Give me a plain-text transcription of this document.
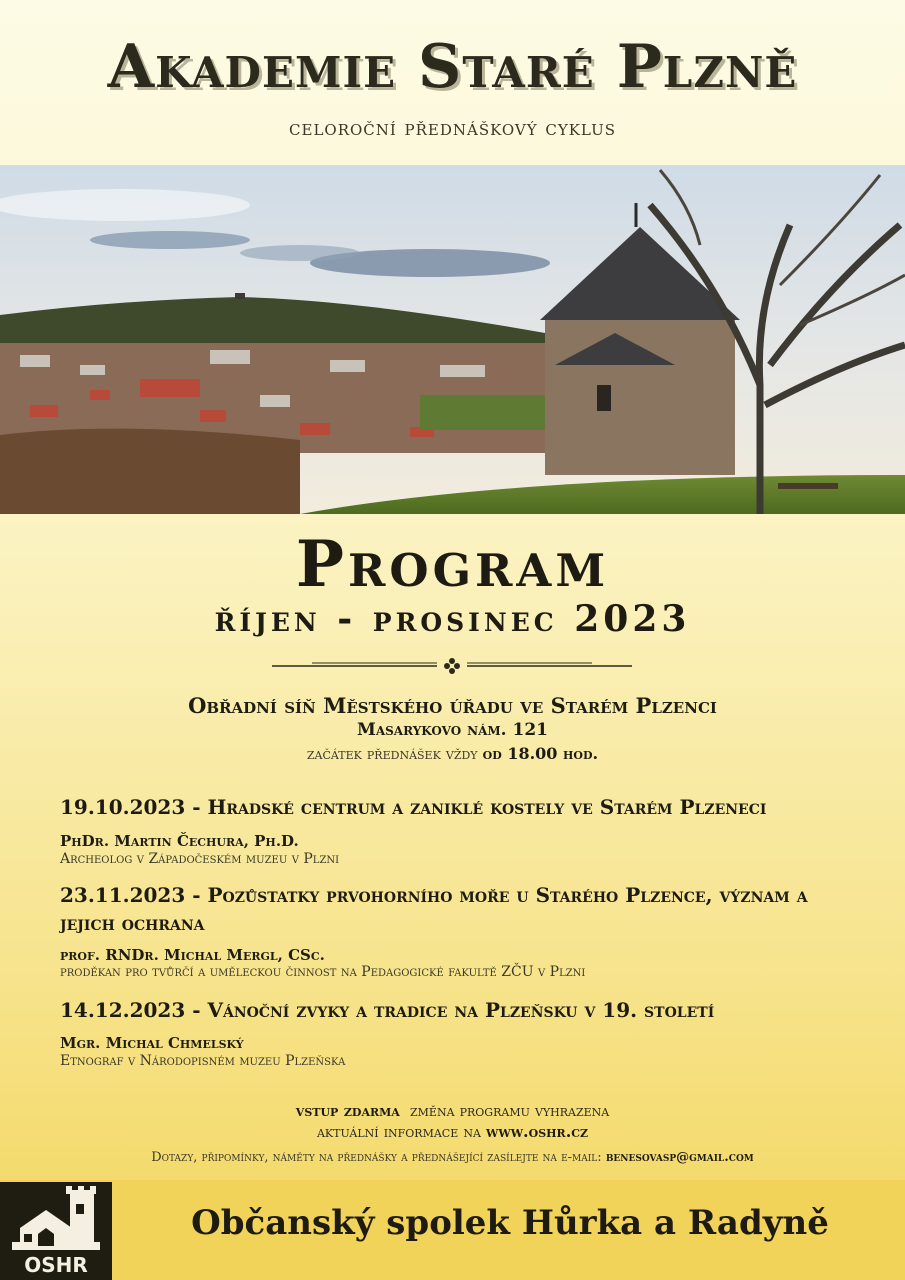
Akademie Staré Plzně
celoroční přednáškový cyklus
Program
říjen - prosinec 2023
Obřadní síň Městského úřadu ve Starém Plzenci
Masarykovo nám. 121
začátek přednášek vždy od 18.00 hod.
19.10.2023 - Hradské centrum a zaniklé kostely ve Starém Plzeneci
PhDr. Martin Čechura, Ph.D.
Archeolog v Západočeském muzeu v Plzni
23.11.2023 - Pozůstatky prvohorního moře u Starého Plzence, význam a jejich ochrana
prof. RNDr. Michal Mergl, CSc.
proděkan pro tvůrčí a uměleckou činnost na Pedagogické fakultě ZČU v Plzni
14.12.2023 - Vánoční zvyky a tradice na Plzeňsku v 19. století
Mgr. Michal Chmelský
Etnograf v Národopisném muzeu Plzeňska
vstup zdarma změna programu vyhrazena
aktuální informace na www.oshr.cz
Dotazy, připomínky, náměty na přednášky a přednášející zasílejte na e-mail: benesovasp@gmail.com
OSHR
Občanský spolek Hůrka a Radyně
